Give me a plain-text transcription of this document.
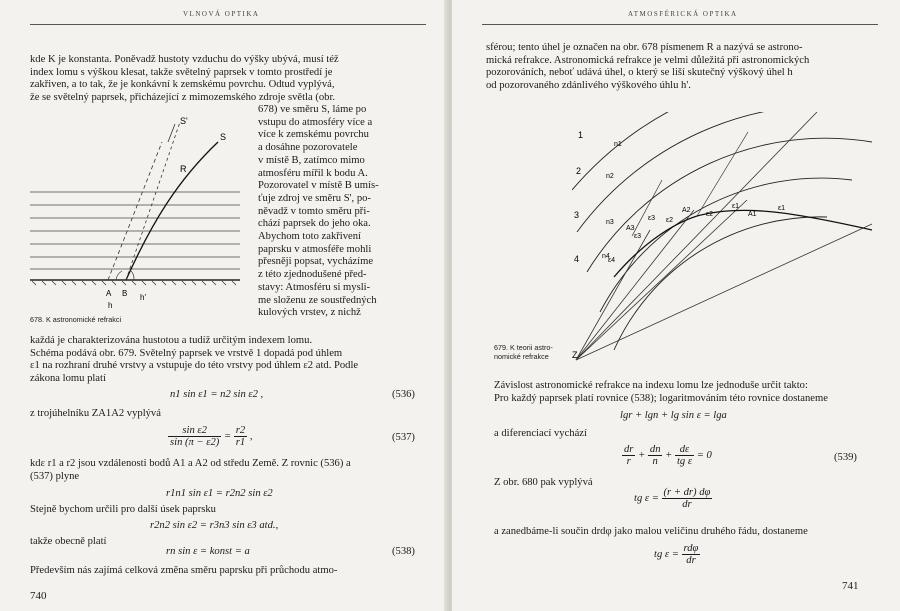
VLNOVÁ OPTIKA
kde K je konstanta. Poněvadž hustoty vzduchu do výšky ubývá, musí též
index lomu s výškou klesat, takže světelný paprsek v tomto prostředí je
zakřiven, a to tak, že je konkávní k zemskému povrchu. Odtud vyplývá,
že se světelný paprsek, přicházející z mimozemského zdroje světla (obr.
678) ve směru S, láme po
vstupu do atmosféry více a
více k zemskému povrchu
a dosáhne pozorovatele
v místě B, zatímco mimo
atmosféru mířil k bodu A.
Pozorovatel v místě B umís-
ťuje zdroj ve směru S', po-
něvadž v tomto směru při-
chází paprsek do jeho oka.
Abychom toto zakřivení
paprsku v atmosféře mohli
přesněji popsat, vycházíme
z této zjednodušené před-
stavy: Atmosféru si mysli-
me složenu ze soustředných
kulových vrstev, z nichž
S'
S
R
A B
h
h'
678. K astronomické refrakci
každá je charakterizována hustotou a tudíž určitým indexem lomu.
Schéma podává obr. 679. Světelný paprsek ve vrstvě 1 dopadá pod úhlem
ε1 na rozhraní druhé vrstvy a vstupuje do této vrstvy pod úhlem ε2 atd. Podle
zákona lomu platí
n1 sin ε1 = n2 sin ε2 ,	(536)
z trojúhelníku ZA1A2 vyplývá
$\frac{\text{sin ε2}}{\sin (\pi - \varepsilon 2)} = \frac{r2}{r1}$ ,	(537)
kdε r1 a r2 jsou vzdálenosti bodů A1 a A2 od středu Země. Z rovnic (536) a
(537) plyne
r1n1 sin ε1 = r2n2 sin ε2
Stejně bychom určili pro další úsek paprsku
r2n2 sin ε2 = r3n3 sin ε3 atd.,
takže obecně platí
rn sin ε = konst = a	(538)
Především nás zajímá celková změna směru paprsku při průchodu atmo-
740
ATMOSFÉRICKÁ OPTIKA
sférou; tento úhel je označen na obr. 678 písmenem R a nazývá se astrono-
mická refrakce. Astronomická refrakce je velmi důležitá při astronomických
pozorováních, neboť udává úhel, o který se liší skutečný výškový úhel h
od pozorovaného zdánlivého výškového úhlu h'.
1
2
3
4
n1
n2
n3
n4
A1
A2
A3
ε1
ε2
ε3
ε4
ε1
ε2
ε3
Z
679. K teorii astro-
nomické refrakce
Závislost astronomické refrakce na indexu lomu lze jednoduše určit takto:
Pro každý paprsek platí rovnice (538); logaritmováním této rovnice dostaneme
lgr + lgn + lg sin ε = lga
a diferenciací vychází
$\frac{dr}{r} + \frac{dn}{n} + \frac{d\varepsilon}{\text{tg ε}} = 0$	(539)
Z obr. 680 pak vyplývá
tg $\varepsilon = \frac{(r + dr) d\varphi}{dr}$
a zanedbáme-li součin drdφ jako malou veličinu druhého řádu, dostaneme
tg $\varepsilon = \frac{\text{rdφ}}{dr}$
741
